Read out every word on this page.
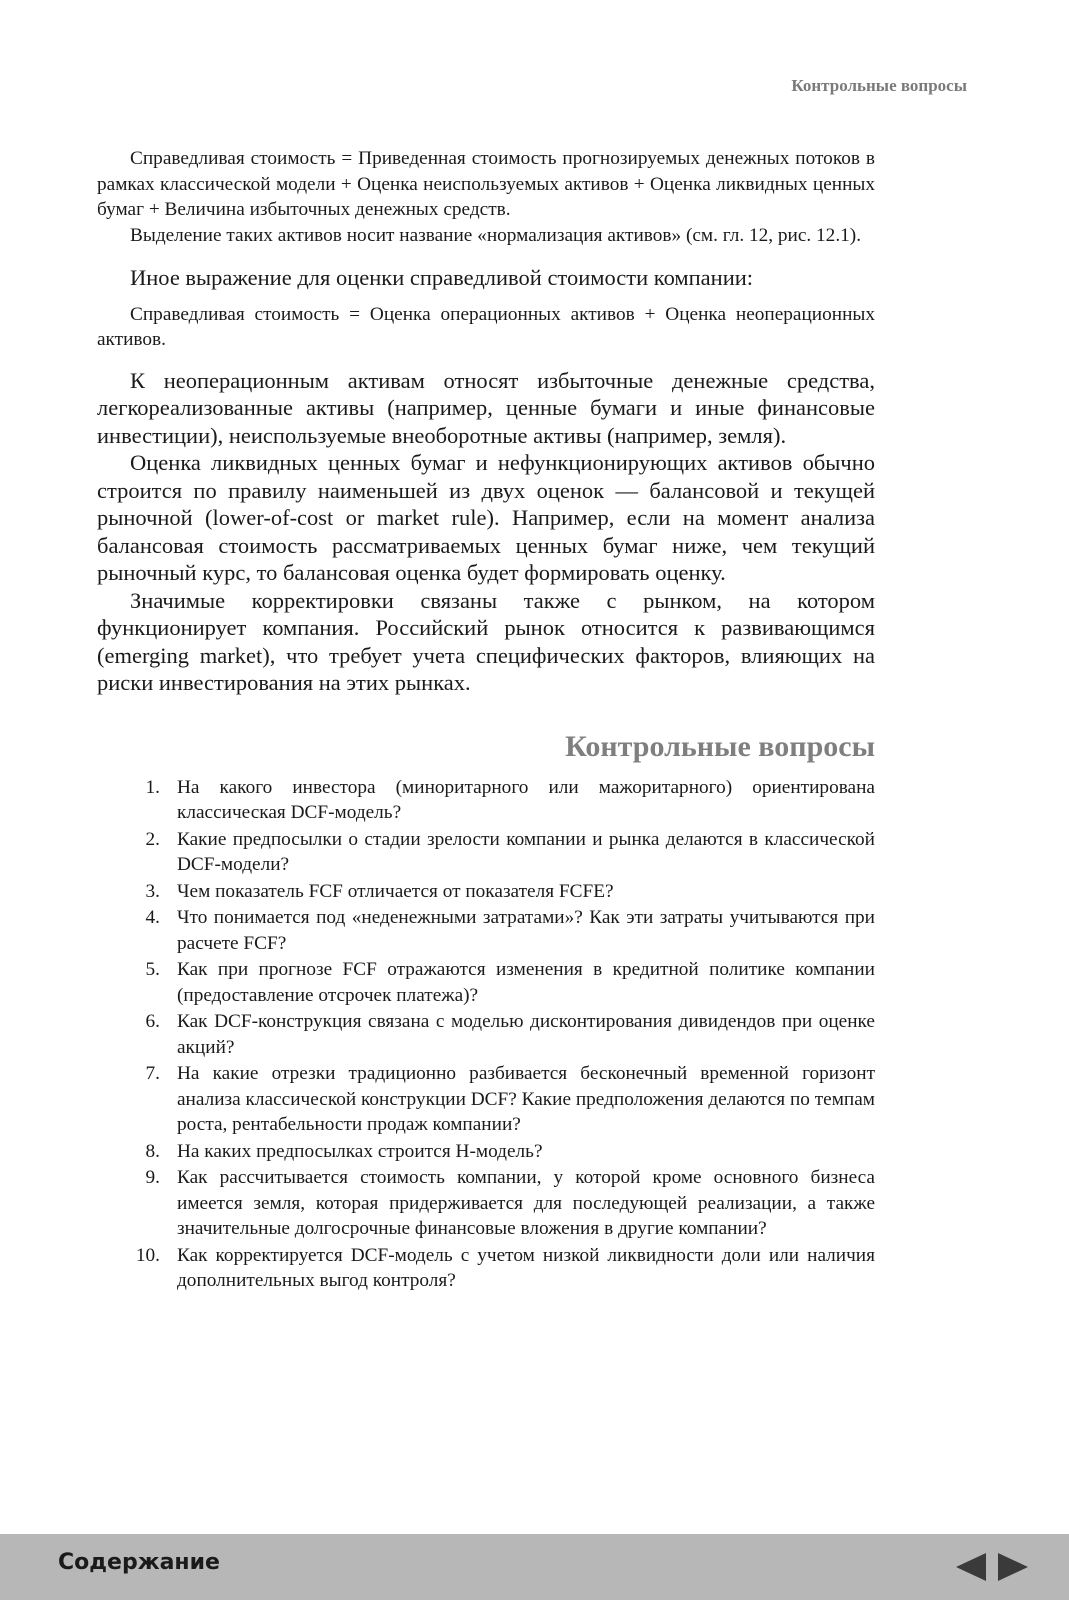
Контрольные вопросы

Справедливая стоимость = Приведенная стоимость прогнозируемых денежных потоков в рамках классической модели + Оценка неиспользуемых активов + Оценка ликвидных ценных бумаг + Величина избыточных денежных средств.

Выделение таких активов носит название «нормализация активов» (см. гл. 12, рис. 12.1).

Иное выражение для оценки справедливой стоимости компании:

Справедливая стоимость = Оценка операционных активов + Оценка неоперационных активов.

К неоперационным активам относят избыточные денежные средства, легкореализованные активы (например, ценные бумаги и иные финансовые инвестиции), неиспользуемые внеоборотные активы (например, земля).

Оценка ликвидных ценных бумаг и нефункционирующих активов обычно строится по правилу наименьшей из двух оценок — балансовой и текущей рыночной (lower-of-cost or market rule). Например, если на момент анализа балансовая стоимость рассматриваемых ценных бумаг ниже, чем текущий рыночный курс, то балансовая оценка будет формировать оценку.

Значимые корректировки связаны также с рынком, на котором функционирует компания. Российский рынок относится к развивающимся (emerging market), что требует учета специфических факторов, влияющих на риски инвестирования на этих рынках.

Контрольные вопросы
1. На какого инвестора (миноритарного или мажоритарного) ориентирована классическая DCF-модель?
2. Какие предпосылки о стадии зрелости компании и рынка делаются в классической DCF-модели?
3. Чем показатель FCF отличается от показателя FCFE?
4. Что понимается под «неденежными затратами»? Как эти затраты учитываются при расчете FCF?
5. Как при прогнозе FCF отражаются изменения в кредитной политике компании (предоставление отсрочек платежа)?
6. Как DCF-конструкция связана с моделью дисконтирования дивидендов при оценке акций?
7. На какие отрезки традиционно разбивается бесконечный временной горизонт анализа классической конструкции DCF? Какие предположения делаются по темпам роста, рентабельности продаж компании?
8. На каких предпосылках строится H-модель?
9. Как рассчитывается стоимость компании, у которой кроме основного бизнеса имеется земля, которая придерживается для последующей реализации, а также значительные долгосрочные финансовые вложения в другие компании?
10. Как корректируется DCF-модель с учетом низкой ликвидности доли или наличия дополнительных выгод контроля?
Содержание
